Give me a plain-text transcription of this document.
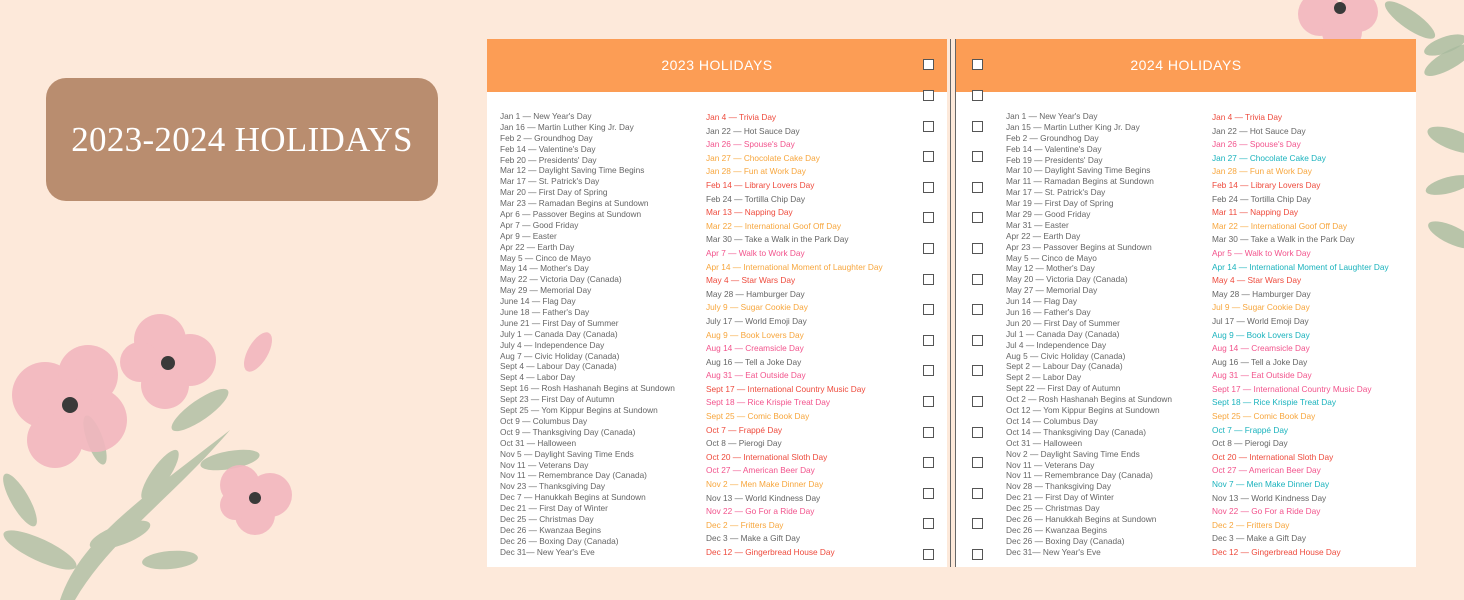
2023-2024 HOLIDAYS
2023 HOLIDAYS
Jan 1 — New Year's Day
Jan 16 — Martin Luther King Jr. Day
Feb 2 — Groundhog Day
Feb 14 — Valentine's Day
Feb 20 — Presidents' Day
Mar 12 — Daylight Saving Time Begins
Mar 17 — St. Patrick's Day
Mar 20 — First Day of Spring
Mar 23 — Ramadan Begins at Sundown
Apr 6 — Passover Begins at Sundown
Apr 7 — Good Friday
Apr 9 — Easter
Apr 22 — Earth Day
May 5 — Cinco de Mayo
May 14 — Mother's Day
May 22 — Victoria Day (Canada)
May 29 — Memorial Day
June 14 — Flag Day
June 18 — Father's Day
June 21 — First Day of Summer
July 1 — Canada Day (Canada)
July 4 — Independence Day
Aug 7 — Civic Holiday (Canada)
Sept 4 — Labour Day (Canada)
Sept 4 — Labor Day
Sept 16 — Rosh Hashanah Begins at Sundown
Sept 23 — First Day of Autumn
Sept 25 — Yom Kippur Begins at Sundown
Oct 9 — Columbus Day
Oct 9 — Thanksgiving Day (Canada)
Oct 31 — Halloween
Nov 5 — Daylight Saving Time Ends
Nov 11 — Veterans Day
Nov 11 — Remembrance Day (Canada)
Nov 23 — Thanksgiving Day
Dec 7 — Hanukkah Begins at Sundown
Dec 21 — First Day of Winter
Dec 25 — Christmas Day
Dec 26 — Kwanzaa Begins
Dec 26 — Boxing Day (Canada)
Dec 31— New Year's Eve
Jan 4 — Trivia Day
Jan 22 — Hot Sauce Day
Jan 26 — Spouse's Day
Jan 27 — Chocolate Cake Day
Jan 28 — Fun at Work Day
Feb 14 — Library Lovers Day
Feb 24 — Tortilla Chip Day
Mar 13 — Napping Day
Mar 22 — International Goof Off Day
Mar 30 — Take a Walk in the Park Day
Apr 7 — Walk to Work Day
Apr 14 — International Moment of Laughter Day
May 4 — Star Wars Day
May 28 — Hamburger Day
July 9 — Sugar Cookie Day
July 17 — World Emoji Day
Aug 9 — Book Lovers Day
Aug 14 — Creamsicle Day
Aug 16 — Tell a Joke Day
Aug 31 — Eat Outside Day
Sept 17 — International Country Music Day
Sept 18 — Rice Krispie Treat Day
Sept 25 — Comic Book Day
Oct 7 — Frappé Day
Oct 8 — Pierogi Day
Oct 20 — International Sloth Day
Oct 27 — American Beer Day
Nov 2 — Men Make Dinner Day
Nov 13 — World Kindness Day
Nov 22 — Go For a Ride Day
Dec 2 — Fritters Day
Dec 3 — Make a Gift Day
Dec 12 — Gingerbread House Day
2024 HOLIDAYS
Jan 1 — New Year's Day
Jan 15 — Martin Luther King Jr. Day
Feb 2 — Groundhog Day
Feb 14 — Valentine's Day
Feb 19 — Presidents' Day
Mar 10 — Daylight Saving Time Begins
Mar 11 — Ramadan Begins at Sundown
Mar 17 — St. Patrick's Day
Mar 19 — First Day of Spring
Mar 29 — Good Friday
Mar 31 — Easter
Apr 22 — Earth Day
Apr 23 — Passover Begins at Sundown
May 5 — Cinco de Mayo
May 12 — Mother's Day
May 20 — Victoria Day (Canada)
May 27 — Memorial Day
Jun 14 — Flag Day
Jun 16 — Father's Day
Jun 20 — First Day of Summer
Jul 1 — Canada Day (Canada)
Jul 4 — Independence Day
Aug 5 — Civic Holiday (Canada)
Sept 2 — Labour Day (Canada)
Sept 2 — Labor Day
Sept 22 — First Day of Autumn
Oct 2 — Rosh Hashanah Begins at Sundown
Oct 12 — Yom Kippur Begins at Sundown
Oct 14 — Columbus Day
Oct 14 — Thanksgiving Day (Canada)
Oct 31 — Halloween
Nov 2 — Daylight Saving Time Ends
Nov 11 — Veterans Day
Nov 11 — Remembrance Day (Canada)
Nov 28 — Thanksgiving Day
Dec 21 — First Day of Winter
Dec 25 — Christmas Day
Dec 26 — Hanukkah Begins at Sundown
Dec 26 — Kwanzaa Begins
Dec 26 — Boxing Day (Canada)
Dec 31— New Year's Eve
Jan 4 — Trivia Day
Jan 22 — Hot Sauce Day
Jan 26 — Spouse's Day
Jan 27 — Chocolate Cake Day
Jan 28 — Fun at Work Day
Feb 14 — Library Lovers Day
Feb 24 — Tortilla Chip Day
Mar 11 — Napping Day
Mar 22 — International Goof Off Day
Mar 30 — Take a Walk in the Park Day
Apr 5 — Walk to Work Day
Apr 14 — International Moment of Laughter Day
May 4 — Star Wars Day
May 28 — Hamburger Day
Jul 9 — Sugar Cookie Day
Jul 17 — World Emoji Day
Aug 9 — Book Lovers Day
Aug 14 — Creamsicle Day
Aug 16 — Tell a Joke Day
Aug 31 — Eat Outside Day
Sept 17 — International Country Music Day
Sept 18 — Rice Krispie Treat Day
Sept 25 — Comic Book Day
Oct 7 — Frappé Day
Oct 8 — Pierogi Day
Oct 20 — International Sloth Day
Oct 27 — American Beer Day
Nov 7 — Men Make Dinner Day
Nov 13 — World Kindness Day
Nov 22 — Go For a Ride Day
Dec 2 — Fritters Day
Dec 3 — Make a Gift Day
Dec 12 — Gingerbread House Day
